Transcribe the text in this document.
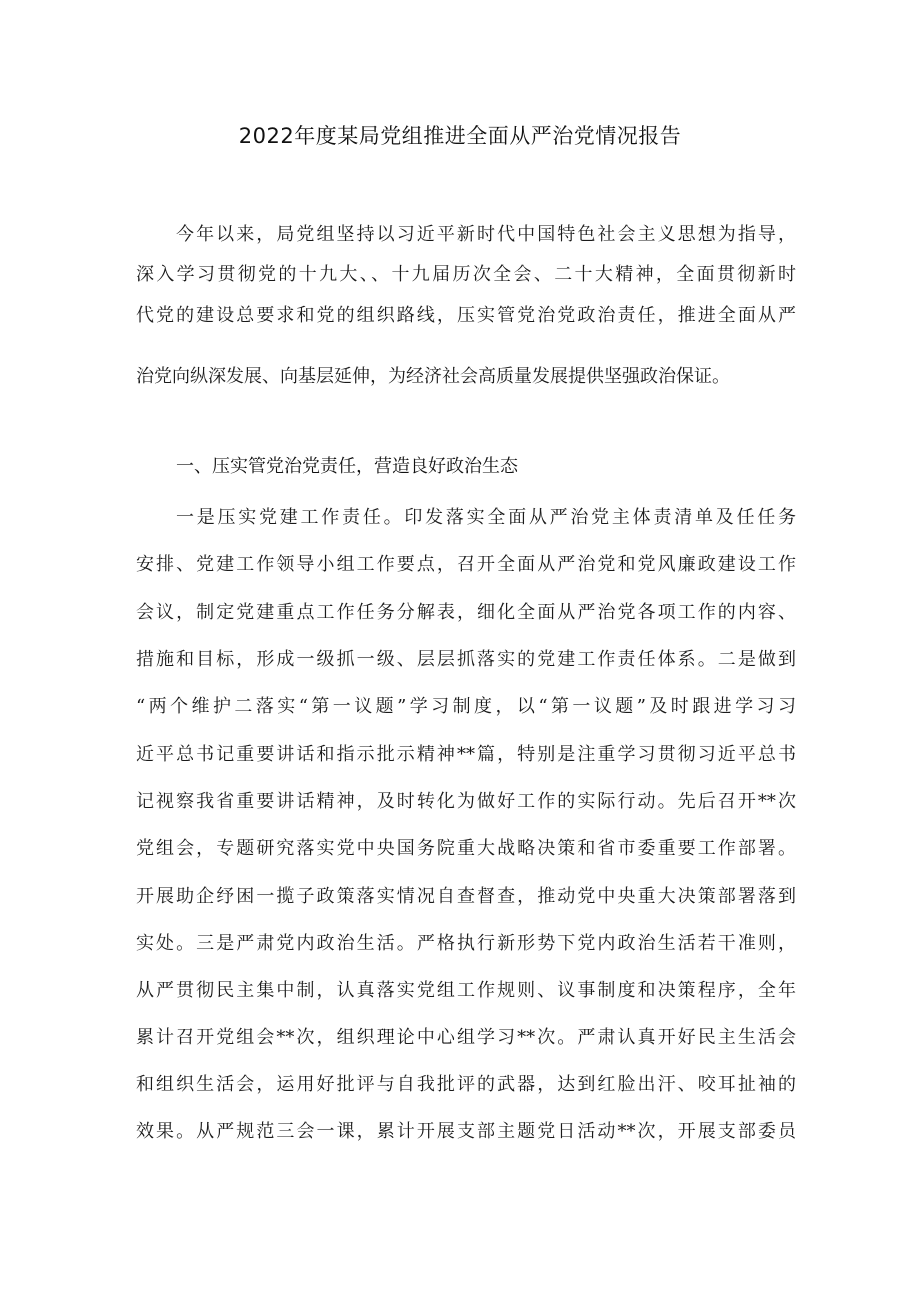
2022年度某局党组推进全面从严治党情况报告
今年以来，局党组坚持以习近平新时代中国特色社会主义思想为指导，
深入学习贯彻党的十九大、、十九届历次全会、二十大精神，全面贯彻新时
代党的建设总要求和党的组织路线，压实管党治党政治责任，推进全面从严
治党向纵深发展、向基层延伸，为经济社会高质量发展提供坚强政治保证。
一、压实管党治党责任，营造良好政治生态
一是压实党建工作责任。印发落实全面从严治党主体责清单及任任务
安排、党建工作领导小组工作要点，召开全面从严治党和党风廉政建设工作
会议，制定党建重点工作任务分解表，细化全面从严治党各项工作的内容、
措施和目标，形成一级抓一级、层层抓落实的党建工作责任体系。二是做到
“两个维护二落实“第一议题”学习制度，以“第一议题”及时跟进学习习
近平总书记重要讲话和指示批示精神**篇，特别是注重学习贯彻习近平总书
记视察我省重要讲话精神，及时转化为做好工作的实际行动。先后召开**次
党组会，专题研究落实党中央国务院重大战略决策和省市委重要工作部署。
开展助企纾困一揽子政策落实情况自查督查，推动党中央重大决策部署落到
实处。三是严肃党内政治生活。严格执行新形势下党内政治生活若干准则，
从严贯彻民主集中制，认真落实党组工作规则、议事制度和决策程序，全年
累计召开党组会**次，组织理论中心组学习**次。严肃认真开好民主生活会
和组织生活会，运用好批评与自我批评的武器，达到红脸出汗、咬耳扯袖的
效果。从严规范三会一课，累计开展支部主题党日活动**次，开展支部委员
